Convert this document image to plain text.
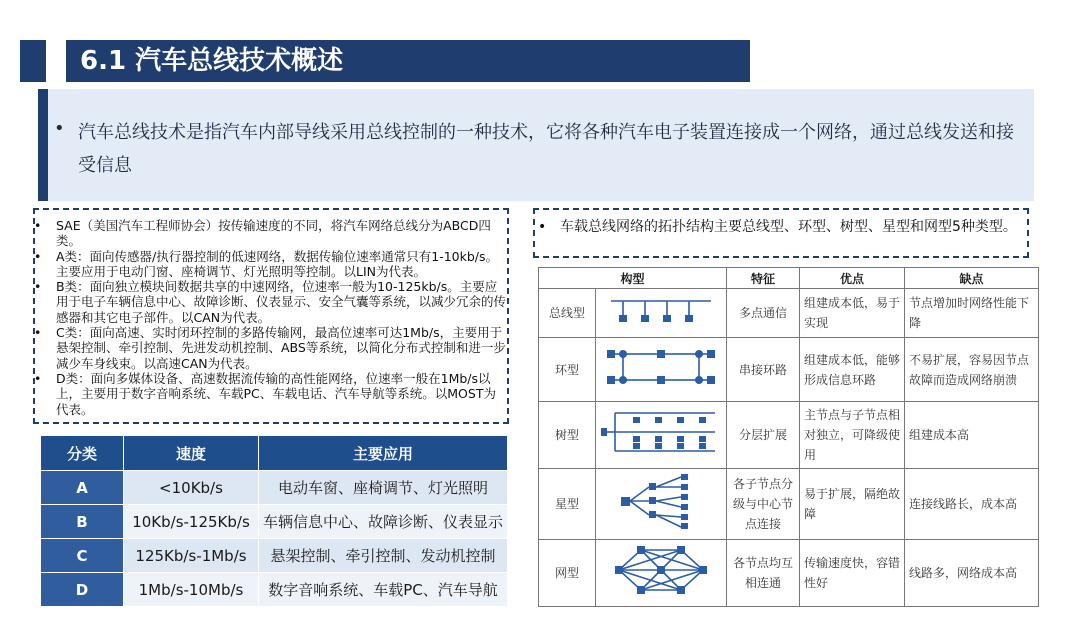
6.1 汽车总线技术概述
• 汽车总线技术是指汽车内部导线采用总线控制的一种技术，它将各种汽车电子装置连接成一个网络，通过总线发送和接受信息
• SAE（美国汽车工程师协会）按传输速度的不同，将汽车网络总线分为ABCD四类。
• A类：面向传感器/执行器控制的低速网络，数据传输位速率通常只有1-10kb/s。主要应用于电动门窗、座椅调节、灯光照明等控制。以LIN为代表。
• B类：面向独立模块间数据共享的中速网络，位速率一般为10-125kb/s。主要应用于电子车辆信息中心、故障诊断、仪表显示、安全气囊等系统，以减少冗余的传感器和其它电子部件。以CAN为代表。
• C类：面向高速、实时闭环控制的多路传输网，最高位速率可达1Mb/s，主要用于悬架控制、牵引控制、先进发动机控制、ABS等系统，以简化分布式控制和进一步减少车身线束。以高速CAN为代表。
• D类：面向多媒体设备、高速数据流传输的高性能网络，位速率一般在1Mb/s以上，主要用于数字音响系统、车载PC、车载电话、汽车导航等系统。以MOST为代表。
分类	速度	主要应用
A	<10Kb/s	电动车窗、座椅调节、灯光照明
B	10Kb/s-125Kb/s	车辆信息中心、故障诊断、仪表显示
C	125Kb/s-1Mb/s	悬架控制、牵引控制、发动机控制
D	1Mb/s-10Mb/s	数字音响系统、车载PC、汽车导航
• 车载总线网络的拓扑结构主要总线型、环型、树型、星型和网型5种类型。
构型		特征	优点	缺点
总线型		多点通信	组建成本低，易于实现	节点增加时网络性能下降
环型		串接环路	组建成本低，能够形成信息环路	不易扩展，容易因节点故障而造成网络崩溃
树型		分层扩展	主节点与子节点相对独立，可降级使用	组建成本高
星型		各子节点分级与中心节点连接	易于扩展，隔绝故障	连接线路长，成本高
网型		各节点均互相连通	传输速度快，容错性好	线路多，网络成本高
